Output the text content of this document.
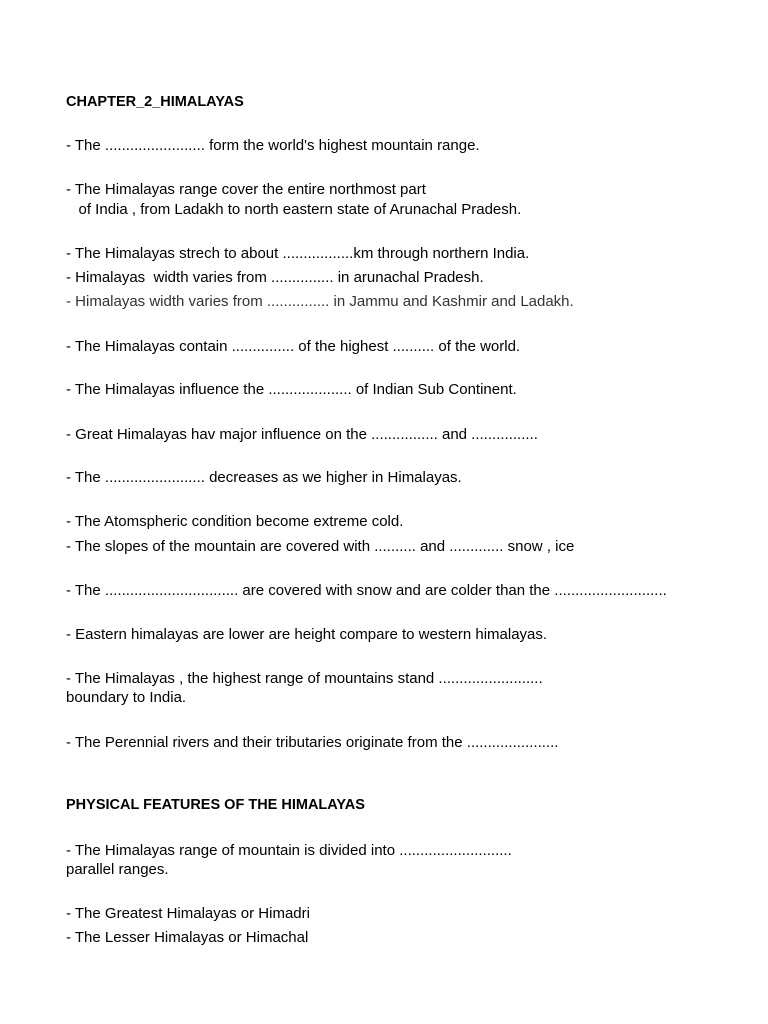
CHAPTER_2_HIMALAYAS
- The ........................ form the world's highest mountain range.
- The Himalayas range cover the entire northmost part
of India , from Ladakh to north eastern state of Arunachal Pradesh.
- The Himalayas strech to about .................km through northern India.
- Himalayas  width varies from ............... in arunachal Pradesh.
- Himalayas width varies from ............... in Jammu and Kashmir and Ladakh.
- The Himalayas contain ............... of the highest .......... of the world.
- The Himalayas influence the .................... of Indian Sub Continent.
- Great Himalayas hav major influence on the ................ and ................
- The ........................ decreases as we higher in Himalayas.
- The Atomspheric condition become extreme cold.
- The slopes of the mountain are covered with .......... and ............. snow , ice
- The ................................ are covered with snow and are colder than the ...........................
- Eastern himalayas are lower are height compare to western himalayas.
- The Himalayas , the highest range of mountains stand .........................
boundary to India.
- The Perennial rivers and their tributaries originate from the ......................
PHYSICAL FEATURES OF THE HIMALAYAS
- The Himalayas range of mountain is divided into ...........................
parallel ranges.
- The Greatest Himalayas or Himadri
- The Lesser Himalayas or Himachal
